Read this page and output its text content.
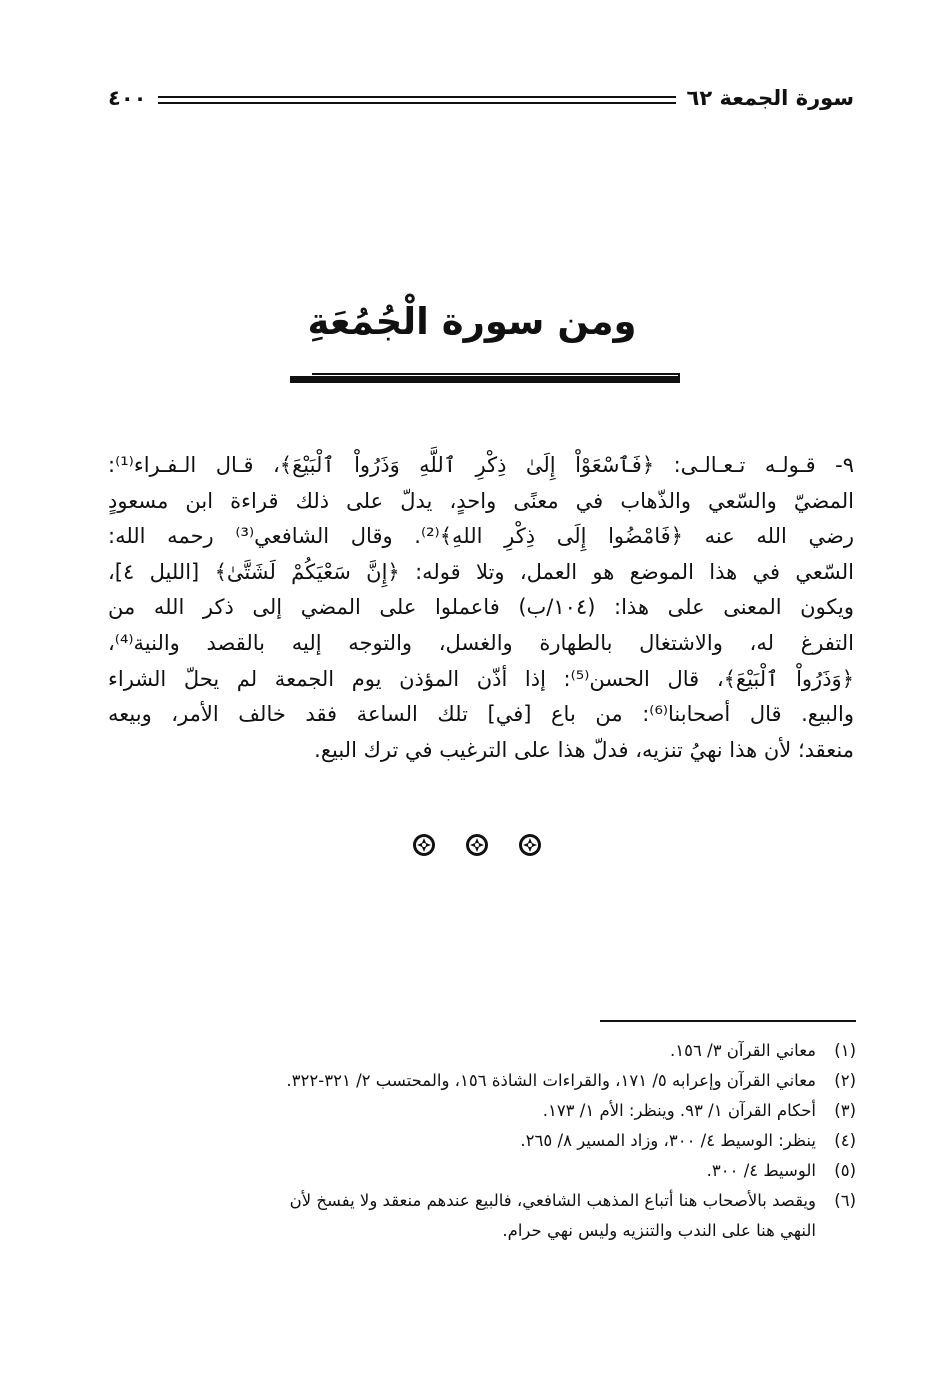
سورة الجمعة ٦٢
٤٠٠
ومن سورة الْجُمُعَةِ
٩- قـولـه تـعـالـى: ﴿فَٱسْعَوْاْ إِلَىٰ ذِكْرِ ٱللَّهِ وَذَرُواْ ٱلْبَيْعَ﴾، قـال الـفـراء⁽¹⁾:
المضيّ والسّعي والذّهاب في معنًى واحدٍ، يدلّ على ذلك قراءة ابن مسعودٍ
رضي الله عنه ﴿فَامْضُوا إِلَى ذِكْرِ اللهِ﴾⁽²⁾. وقال الشافعي⁽³⁾ رحمه الله:
السّعي في هذا الموضع هو العمل، وتلا قوله: ﴿إِنَّ سَعْيَكُمْ لَشَتَّىٰ﴾ [الليل ٤]،
ويكون المعنى على هذا: (١٠٤/ب) فاعملوا على المضي إلى ذكر الله من
التفرغ له، والاشتغال بالطهارة والغسل، والتوجه إليه بالقصد والنية⁽⁴⁾،
﴿وَذَرُواْ ٱلْبَيْعَ﴾، قال الحسن⁽⁵⁾: إذا أذّن المؤذن يوم الجمعة لم يحلّ الشراء
والبيع. قال أصحابنا⁽⁶⁾: من باع [في] تلك الساعة فقد خالف الأمر، وبيعه
منعقد؛ لأن هذا نهيُ تنزيه، فدلّ هذا على الترغيب في ترك البيع.
(١)
معاني القرآن ٣/ ١٥٦.
(٢)
معاني القرآن وإعرابه ٥/ ١٧١، والقراءات الشاذة ١٥٦، والمحتسب ٢/ ٣٢١-٣٢٢.
(٣)
أحكام القرآن ١/ ٩٣. وينظر: الأم ١/ ١٧٣.
(٤)
ينظر: الوسيط ٤/ ٣٠٠، وزاد المسير ٨/ ٢٦٥.
(٥)
الوسيط ٤/ ٣٠٠.
(٦)
ويقصد بالأصحاب هنا أتباع المذهب الشافعي، فالبيع عندهم منعقد ولا يفسخ لأن
النهي هنا على الندب والتنزيه وليس نهي حرام.
